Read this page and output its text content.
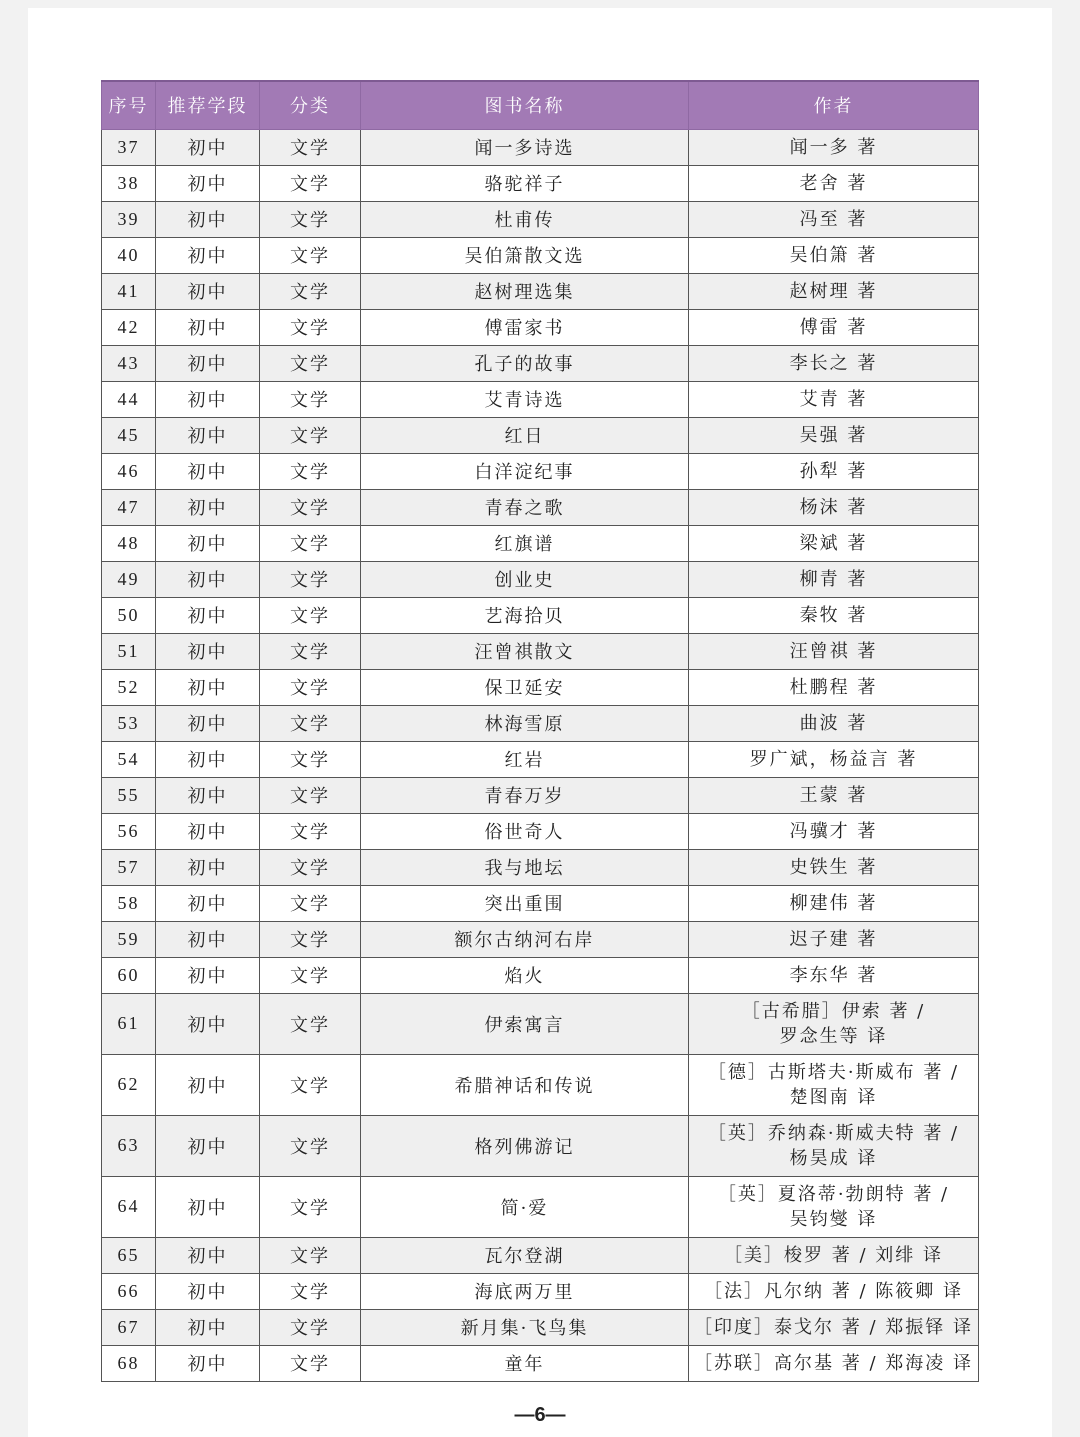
序号	推荐学段	分类	图书名称	作者
37	初中	文学	闻一多诗选	闻一多 著

38	初中	文学	骆驼祥子	老舍 著

39	初中	文学	杜甫传	冯至 著

40	初中	文学	吴伯箫散文选	吴伯箫 著

41	初中	文学	赵树理选集	赵树理 著

42	初中	文学	傅雷家书	傅雷 著

43	初中	文学	孔子的故事	李长之 著

44	初中	文学	艾青诗选	艾青 著

45	初中	文学	红日	吴强 著

46	初中	文学	白洋淀纪事	孙犁 著

47	初中	文学	青春之歌	杨沫 著

48	初中	文学	红旗谱	梁斌 著

49	初中	文学	创业史	柳青 著

50	初中	文学	艺海拾贝	秦牧 著

51	初中	文学	汪曾祺散文	汪曾祺 著

52	初中	文学	保卫延安	杜鹏程 著

53	初中	文学	林海雪原	曲波 著

54	初中	文学	红岩	罗广斌，杨益言 著

55	初中	文学	青春万岁	王蒙 著

56	初中	文学	俗世奇人	冯骥才 著

57	初中	文学	我与地坛	史铁生 著

58	初中	文学	突出重围	柳建伟 著

59	初中	文学	额尔古纳河右岸	迟子建 著

60	初中	文学	焰火	李东华 著

61	初中	文学	伊索寓言	［古希腊］伊索 著 /
罗念生等 译

62	初中	文学	希腊神话和传说	［德］古斯塔夫·斯威布 著 /
楚图南 译

63	初中	文学	格列佛游记	［英］乔纳森·斯威夫特 著 /
杨昊成 译

64	初中	文学	简·爱	［英］夏洛蒂·勃朗特 著 /
吴钧燮 译

65	初中	文学	瓦尔登湖	［美］梭罗 著 / 刘绯 译

66	初中	文学	海底两万里	［法］凡尔纳 著 / 陈筱卿 译

67	初中	文学	新月集·飞鸟集	［印度］泰戈尔 著 / 郑振铎 译

68	初中	文学	童年	［苏联］高尔基 著 / 郑海凌 译
—6—
